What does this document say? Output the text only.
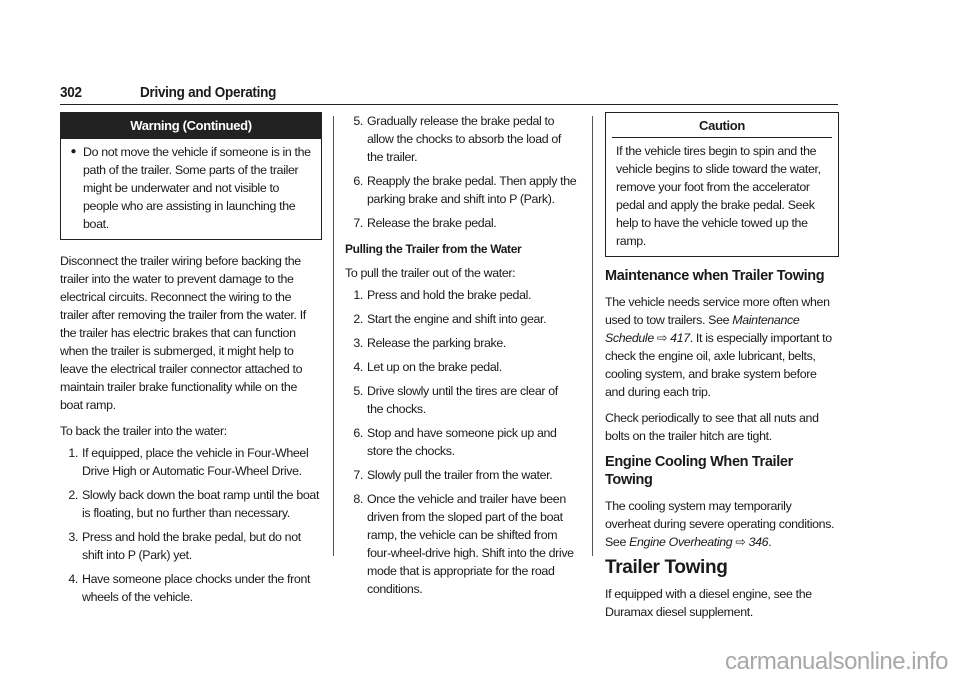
302	Driving and Operating
Warning (Continued)
⦁ Do not move the vehicle if someone is in the path of the trailer. Some parts of the trailer might be underwater and not visible to people who are assisting in launching the boat.

Disconnect the trailer wiring before backing the trailer into the water to prevent damage to the electrical circuits. Reconnect the wiring to the trailer after removing the trailer from the water. If the trailer has electric brakes that can function when the trailer is submerged, it might help to leave the electrical trailer connector attached to maintain trailer brake functionality while on the boat ramp.

To back the trailer into the water:

1. If equipped, place the vehicle in Four-Wheel Drive High or Automatic Four-Wheel Drive.
2. Slowly back down the boat ramp until the boat is floating, but no further than necessary.
3. Press and hold the brake pedal, but do not shift into P (Park) yet.
4. Have someone place chocks under the front wheels of the vehicle.
5. Gradually release the brake pedal to allow the chocks to absorb the load of the trailer.
6. Reapply the brake pedal. Then apply the parking brake and shift into P (Park).
7. Release the brake pedal.
Pulling the Trailer from the Water

To pull the trailer out of the water:

1. Press and hold the brake pedal.
2. Start the engine and shift into gear.
3. Release the parking brake.
4. Let up on the brake pedal.
5. Drive slowly until the tires are clear of the chocks.
6. Stop and have someone pick up and store the chocks.
7. Slowly pull the trailer from the water.
8. Once the vehicle and trailer have been driven from the sloped part of the boat ramp, the vehicle can be shifted from four-wheel-drive high. Shift into the drive mode that is appropriate for the road conditions.
Caution
If the vehicle tires begin to spin and the vehicle begins to slide toward the water, remove your foot from the accelerator pedal and apply the brake pedal. Seek help to have the vehicle towed up the ramp.
Maintenance when Trailer Towing

The vehicle needs service more often when used to tow trailers. See Maintenance Schedule ⇨ 417. It is especially important to check the engine oil, axle lubricant, belts, cooling system, and brake system before and during each trip.

Check periodically to see that all nuts and bolts on the trailer hitch are tight.

Engine Cooling When Trailer Towing

The cooling system may temporarily overheat during severe operating conditions. See Engine Overheating ⇨ 346.

Trailer Towing

If equipped with a diesel engine, see the Duramax diesel supplement.

carmanualsonline.info
